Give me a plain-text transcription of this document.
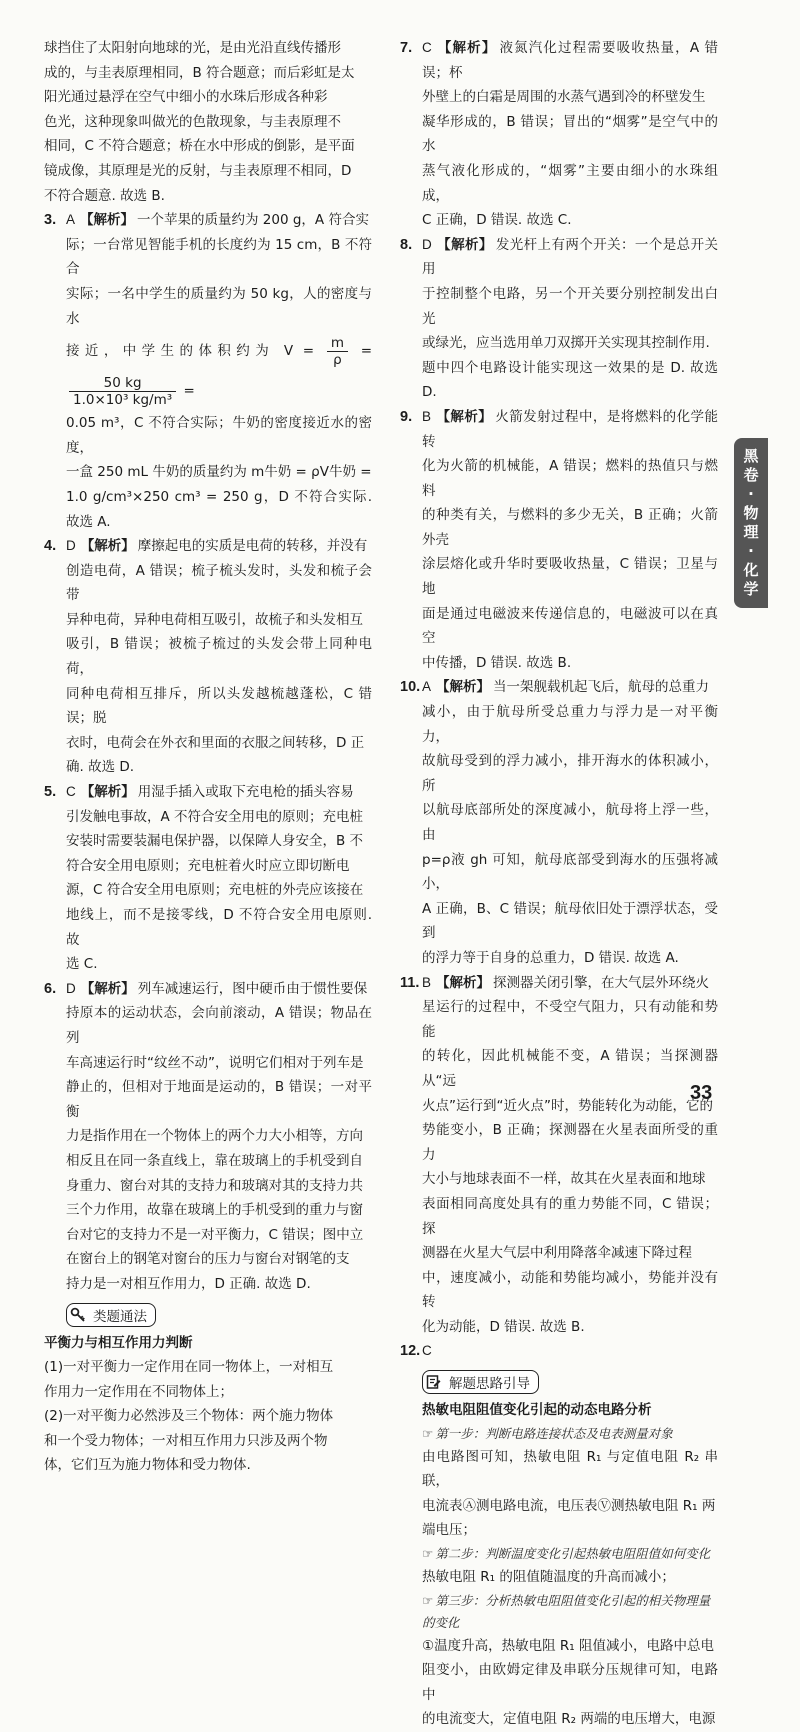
球挡住了太阳射向地球的光，是由光沿直线传播形

成的，与圭表原理相同，B 符合题意；而后彩虹是太

阳光通过悬浮在空气中细小的水珠后形成各种彩

色光，这种现象叫做光的色散现象，与圭表原理不

相同，C 不符合题意；桥在水中形成的倒影，是平面

镜成像，其原理是光的反射，与圭表原理不相同，D

不符合题意. 故选 B.

3. A 【解析】 一个苹果的质量约为 200 g，A 符合实

际；一台常见智能手机的长度约为 15 cm，B 不符合

实际；一名中学生的质量约为 50 kg，人的密度与水

接近，中学生的体积约为 $V = \frac{m}{\rho}$ =
$\frac{50 kg}{\text{1.0×10³ kg/m³}}$ =

0.05 m³，C 不符合实际；牛奶的密度接近水的密度，

一盒 250 mL 牛奶的质量约为 m牛奶 = ρV牛奶 =

1.0 g/cm³×250 cm³ = 250 g，D 不符合实际. 故选 A.

4. D 【解析】 摩擦起电的实质是电荷的转移，并没有

创造电荷，A 错误；梳子梳头发时，头发和梳子会带

异种电荷，异种电荷相互吸引，故梳子和头发相互

吸引，B 错误；被梳子梳过的头发会带上同种电荷，

同种电荷相互排斥，所以头发越梳越蓬松，C 错误；脱

衣时，电荷会在外衣和里面的衣服之间转移，D 正

确. 故选 D.

5. C 【解析】 用湿手插入或取下充电枪的插头容易

引发触电事故，A 不符合安全用电的原则；充电桩

安装时需要装漏电保护器，以保障人身安全，B 不

符合安全用电原则；充电桩着火时应立即切断电

源，C 符合安全用电原则；充电桩的外壳应该接在

地线上，而不是接零线，D 不符合安全用电原则. 故

选 C.

6. D 【解析】 列车减速运行，图中硬币由于惯性要保

持原本的运动状态，会向前滚动，A 错误；物品在列

车高速运行时“纹丝不动”，说明它们相对于列车是

静止的，但相对于地面是运动的，B 错误；一对平衡

力是指作用在一个物体上的两个力大小相等，方向

相反且在同一条直线上，靠在玻璃上的手机受到自

身重力、窗台对其的支持力和玻璃对其的支持力共

三个力作用，故靠在玻璃上的手机受到的重力与窗

台对它的支持力不是一对平衡力，C 错误；图中立

在窗台上的钢笔对窗台的压力与窗台对钢笔的支

持力是一对相互作用力，D 正确. 故选 D.

类题通法
平衡力与相互作用力判断

(1)一对平衡力一定作用在同一物体上，一对相互

作用力一定作用在不同物体上；

(2)一对平衡力必然涉及三个物体：两个施力物体

和一个受力物体；一对相互作用力只涉及两个物

体，它们互为施力物体和受力物体.

7. C 【解析】 液氮汽化过程需要吸收热量，A 错误；杯

外壁上的白霜是周围的水蒸气遇到冷的杯壁发生

凝华形成的，B 错误；冒出的“烟雾”是空气中的水

蒸气液化形成的，“烟雾”主要由细小的水珠组成，

C 正确，D 错误. 故选 C.

8. D 【解析】 发光杆上有两个开关：一个是总开关用

于控制整个电路，另一个开关要分别控制发出白光

或绿光，应当选用单刀双掷开关实现其控制作用.

题中四个电路设计能实现这一效果的是 D. 故选 D.

9. B 【解析】 火箭发射过程中，是将燃料的化学能转

化为火箭的机械能，A 错误；燃料的热值只与燃料

的种类有关，与燃料的多少无关，B 正确；火箭外壳

涂层熔化或升华时要吸收热量，C 错误；卫星与地

面是通过电磁波来传递信息的，电磁波可以在真空

中传播，D 错误. 故选 B.

10. A 【解析】 当一架舰载机起飞后，航母的总重力

减小，由于航母所受总重力与浮力是一对平衡力，

故航母受到的浮力减小，排开海水的体积减小，所

以航母底部所处的深度减小，航母将上浮一些，由

p=ρ液 gh 可知，航母底部受到海水的压强将减小，

A 正确，B、C 错误；航母依旧处于漂浮状态，受到

的浮力等于自身的总重力，D 错误. 故选 A.

11. B 【解析】 探测器关闭引擎，在大气层外环绕火

星运行的过程中，不受空气阻力，只有动能和势能

的转化，因此机械能不变，A 错误；当探测器从“远

火点”运行到“近火点”时，势能转化为动能，它的

势能变小，B 正确；探测器在火星表面所受的重力

大小与地球表面不一样，故其在火星表面和地球

表面相同高度处具有的重力势能不同，C 错误；探

测器在火星大气层中利用降落伞减速下降过程

中，速度减小，动能和势能均减小，势能并没有转

化为动能，D 错误. 故选 B.

12. C

解题思路引导
热敏电阻阻值变化引起的动态电路分析
☞ 第一步：判断电路连接状态及电表测量对象

由电路图可知，热敏电阻 R₁ 与定值电阻 R₂ 串联，

电流表Ⓐ测电路电流，电压表Ⓥ测热敏电阻 R₁ 两

端电压；

☞ 第二步：判断温度变化引起热敏电阻阻值如何变化

热敏电阻 R₁ 的阻值随温度的升高而减小；

☞ 第三步：分析热敏电阻阻值变化引起的相关物理量的变化

①温度升高，热敏电阻 R₁ 阻值减小，电路中总电

阻变小，由欧姆定律及串联分压规律可知，电路中

的电流变大，定值电阻 R₂ 两端的电压增大，电源

黑
卷
·
物
理
·
化
学
33
